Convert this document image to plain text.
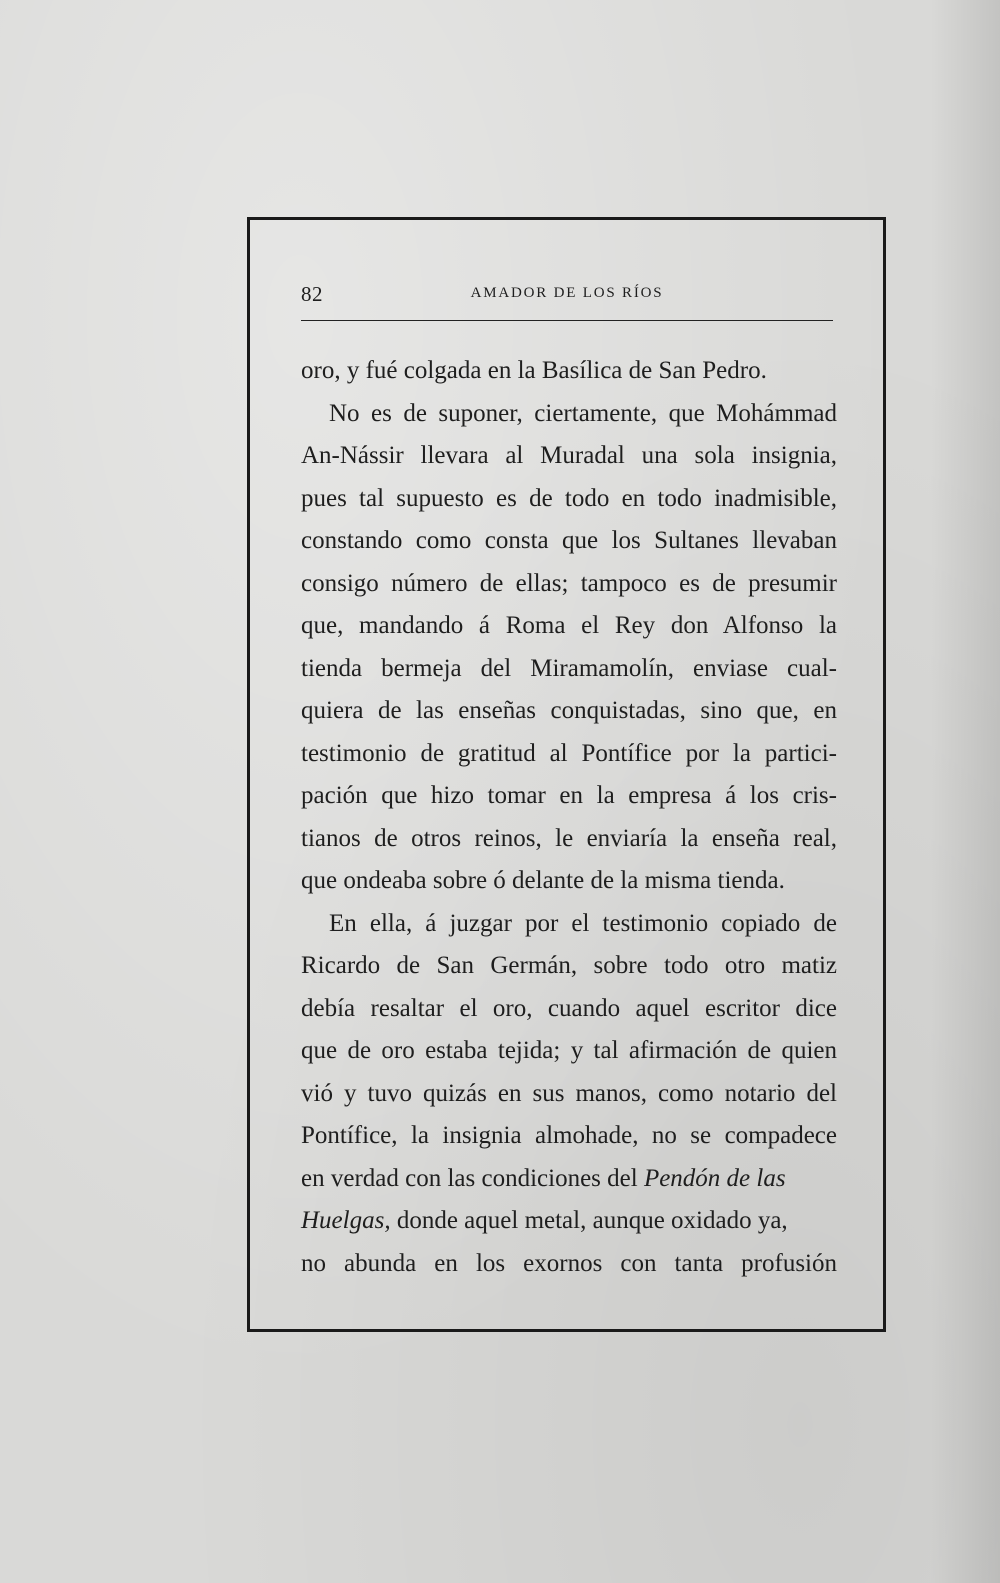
82	AMADOR DE LOS RÍOS
oro, y fué colgada en la Basílica de San Pedro.
No es de suponer, ciertamente, que Mohámmad
An-Nássir llevara al Muradal una sola insignia,
pues tal supuesto es de todo en todo inadmisible,
constando como consta que los Sultanes llevaban
consigo número de ellas; tampoco es de presumir
que, mandando á Roma el Rey don Alfonso la
tienda bermeja del Miramamolín, enviase cual-
quiera de las enseñas conquistadas, sino que, en
testimonio de gratitud al Pontífice por la partici-
pación que hizo tomar en la empresa á los cris-
tianos de otros reinos, le enviaría la enseña real,
que ondeaba sobre ó delante de la misma tienda.
En ella, á juzgar por el testimonio copiado de
Ricardo de San Germán, sobre todo otro matiz
debía resaltar el oro, cuando aquel escritor dice
que de oro estaba tejida; y tal afirmación de quien
vió y tuvo quizás en sus manos, como notario del
Pontífice, la insignia almohade, no se compadece
en verdad con las condiciones del Pendón de las
Huelgas, donde aquel metal, aunque oxidado ya,
no abunda en los exornos con tanta profusión
